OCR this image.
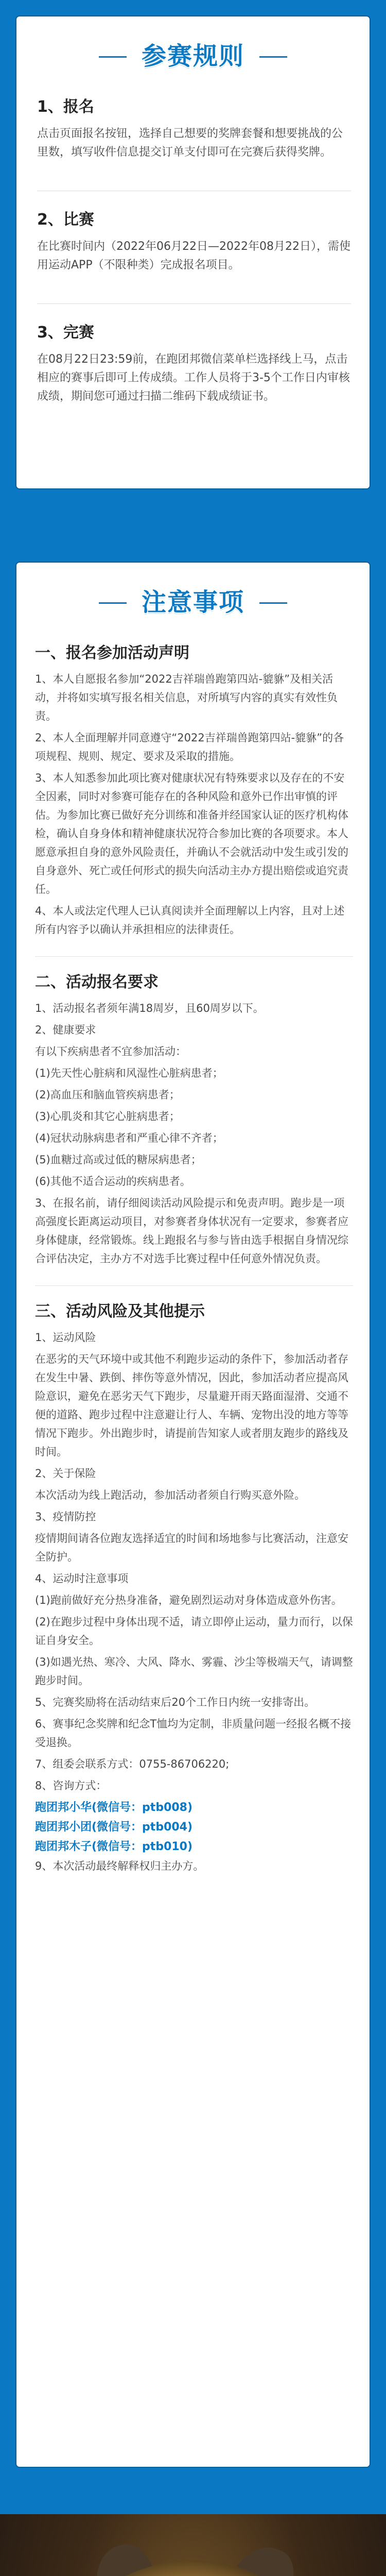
参赛规则
1、报名
点击页面报名按钮，选择自己想要的奖牌套餐和想要挑战的公里数，填写收件信息提交订单支付即可在完赛后获得奖牌。
2、比赛
在比赛时间内（2022年06月22日—2022年08月22日），需使用运动APP（不限种类）完成报名项目。
3、完赛
在08月22日23:59前，在跑团邦微信菜单栏选择线上马，点击相应的赛事后即可上传成绩。工作人员将于3-5个工作日内审核成绩，期间您可通过扫描二维码下载成绩证书。
注意事项
一、报名参加活动声明
1、本人自愿报名参加“2022吉祥瑞兽跑第四站-貔貅”及相关活动，并将如实填写报名相关信息，对所填写内容的真实有效性负责。
2、本人全面理解并同意遵守“2022吉祥瑞兽跑第四站-貔貅”的各项规程、规则、规定、要求及采取的措施。
3、本人知悉参加此项比赛对健康状况有特殊要求以及存在的不安全因素，同时对参赛可能存在的各种风险和意外已作出审慎的评估。为参加比赛已做好充分训练和准备并经国家认证的医疗机构体检，确认自身身体和精神健康状况符合参加比赛的各项要求。本人愿意承担自身的意外风险责任，并确认不会就活动中发生或引发的自身意外、死亡或任何形式的损失向活动主办方提出赔偿或追究责任。
4、本人或法定代理人已认真阅读并全面理解以上内容，且对上述所有内容予以确认并承担相应的法律责任。
二、活动报名要求
1、活动报名者须年满18周岁，且60周岁以下。
2、健康要求
有以下疾病患者不宜参加活动：
(1)先天性心脏病和风湿性心脏病患者；
(2)高血压和脑血管疾病患者；
(3)心肌炎和其它心脏病患者；
(4)冠状动脉病患者和严重心律不齐者；
(5)血糖过高或过低的糖尿病患者；
(6)其他不适合运动的疾病患者。
3、在报名前，请仔细阅读活动风险提示和免责声明。跑步是一项高强度长距离运动项目，对参赛者身体状况有一定要求，参赛者应身体健康，经常锻炼。线上跑报名与参与皆由选手根据自身情况综合评估决定，主办方不对选手比赛过程中任何意外情况负责。
三、活动风险及其他提示
1、运动风险
在恶劣的天气环境中或其他不利跑步运动的条件下，参加活动者存在发生中暑、跌倒、摔伤等意外情况，因此，参加活动者应提高风险意识，避免在恶劣天气下跑步，尽量避开雨天路面湿滑、交通不便的道路、跑步过程中注意避让行人、车辆、宠物出没的地方等等情况下跑步。外出跑步时，请提前告知家人或者朋友跑步的路线及时间。
2、关于保险
本次活动为线上跑活动，参加活动者须自行购买意外险。
3、疫情防控
疫情期间请各位跑友选择适宜的时间和场地参与比赛活动，注意安全防护。
4、运动时注意事项
(1)跑前做好充分热身准备，避免剧烈运动对身体造成意外伤害。
(2)在跑步过程中身体出现不适，请立即停止运动，量力而行，以保证自身安全。
(3)如遇光热、寒冷、大风、降水、雾霾、沙尘等极端天气，请调整跑步时间。
5、完赛奖励将在活动结束后20个工作日内统一安排寄出。
6、赛事纪念奖牌和纪念T恤均为定制，非质量问题一经报名概不接受退换。
7、组委会联系方式：0755-86706220;
8、咨询方式：
跑团邦小华(微信号：ptb008)
跑团邦小团(微信号：ptb004)
跑团邦木子(微信号：ptb010)
9、本次活动最终解释权归主办方。
